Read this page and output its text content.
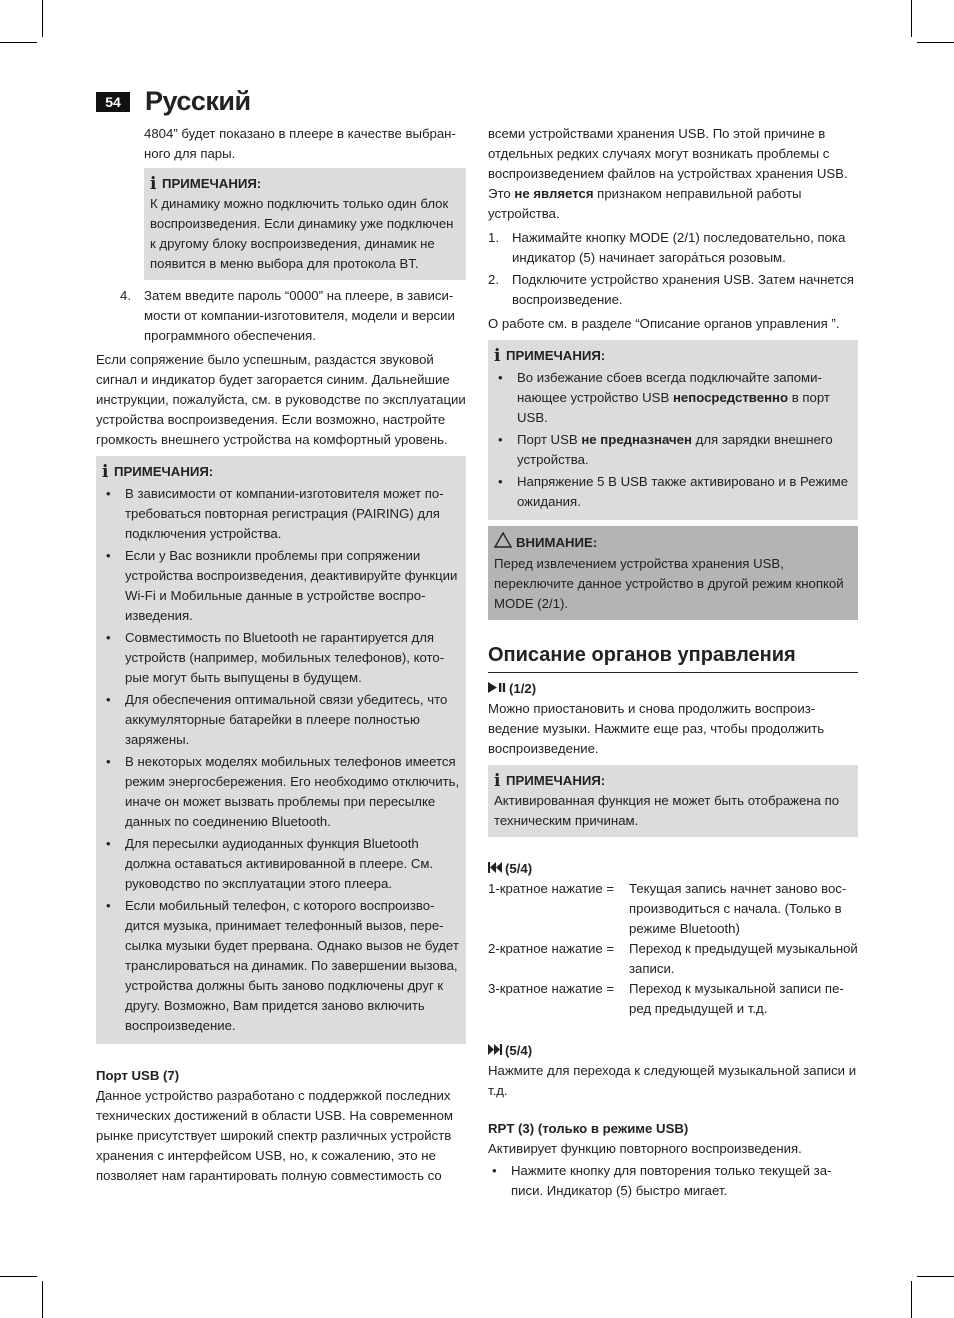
54 Русский

4804” будет показано в плеере в качестве выбранного для пары.

i ПРИМЕЧАНИЯ:

К динамику можно подключить только один блок воспроизведения. Если динамику уже подключен к другому блоку воспроизведения, динамик не появится в меню выбора для протокола BT.

4. Затем введите пароль “0000” на плеере, в зависимости от компании-изготовителя, модели и версии программного обеспечения.

Если сопряжение было успешным, раздастся звуковой сигнал и индикатор будет загорается синим. Дальнейшие инструкции, пожалуйста, см. в руководстве по эксплуатации устройства воспроизведения. Если возможно, настройте громкость внешнего устройства на комфортный уровень.

i ПРИМЕЧАНИЯ:
• В зависимости от компании-изготовителя может потребоваться повторная регистрация (PAIRING) для подключения устройства.
• Если у Вас возникли проблемы при сопряжении устройства воспроизведения, деактивируйте функции Wi-Fi и Мобильные данные в устройстве воспроизведения.
• Совместимость по Bluetooth не гарантируется для устройств (например, мобильных телефонов), которые могут быть выпущены в будущем.
• Для обеспечения оптимальной связи убедитесь, что аккумуляторные батарейки в плеере полностью заряжены.
• В некоторых моделях мобильных телефонов имеется режим энергосбережения. Его необходимо отключить, иначе он может вызвать проблемы при пересылке данных по соединению Bluetooth.
• Для пересылки аудиоданных функция Bluetooth должна оставаться активированной в плеере. См. руководство по эксплуатации этого плеера.
• Если мобильный телефон, с которого воспроизводится музыка, принимает телефонный вызов, пересылка музыки будет прервана. Однако вызов не будет транслироваться на динамик. По завершении вызова, устройства должны быть заново подключены друг к другу. Возможно, Вам придется заново включить воспроизведение.

Порт USB (7)

Данное устройство разработано с поддержкой последних технических достижений в области USB. На современном рынке присутствует широкий спектр различных устройств хранения с интерфейсом USB, но, к сожалению, это не позволяет нам гарантировать полную совместимость со

всеми устройствами хранения USB. По этой причине в отдельных редких случаях могут возникать проблемы с воспроизведением файлов на устройствах хранения USB. Это не является признаком неправильной работы устройства.

1. Нажимайте кнопку MODE (2/1) последовательно, пока индикатор (5) начинает загора́ться розовым.
2. Подключите устройство хранения USB. Затем начнется воспроизведение.

О работе см. в разделе “Описание органов управления ”.

i ПРИМЕЧАНИЯ:
• Во избежание сбоев всегда подключайте запоминающее устройство USB непосредственно в порт USB.
• Порт USB не предназначен для зарядки внешнего устройства.
• Напряжение 5 В USB также активировано и в Режиме ожидания.
ВНИМАНИЕ:

Перед извлечением устройства хранения USB, переключите данное устройство в другой режим кнопкой MODE (2/1).

Описание органов управления

(1/2)

Можно приостановить и снова продолжить воспроизведение музыки. Нажмите еще раз, чтобы продолжить воспроизведение.

i ПРИМЕЧАНИЯ:

Активированная функция не может быть отображена по техническим причинам.

(5/4)

1-кратное нажатие =	Текущая запись начнет заново воспроизводиться с начала. (Только в режиме Bluetooth)
2-кратное нажатие =	Переход к предыдущей музыкальной записи.
3-кратное нажатие =	Переход к музыкальной записи перед предыдущей и т.д.

(5/4)

Нажмите для перехода к следующей музыкальной записи и т.д.

RPT (3) (только в режиме USB)

Активирует функцию повторного воспроизведения.

• Нажмите кнопку для повторения только текущей записи. Индикатор (5) быстро мигает.
